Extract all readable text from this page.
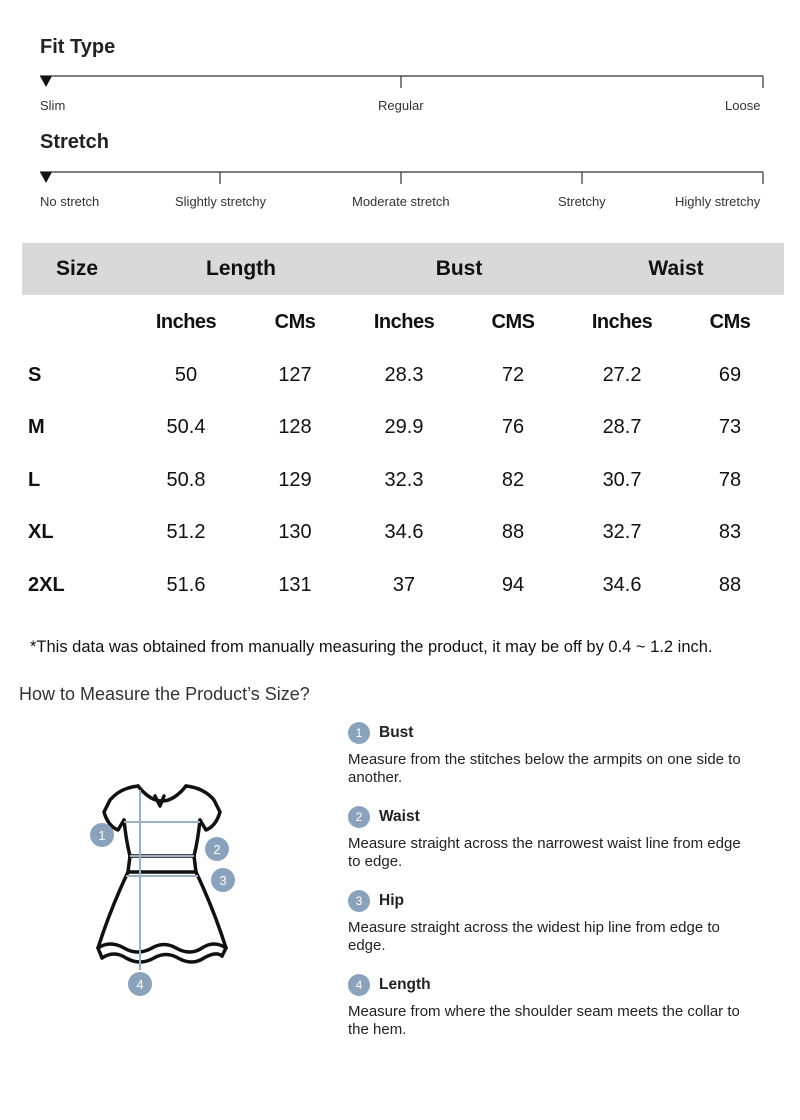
Fit Type
Slim	Regular	Loose
Stretch
No stretch	Slightly stretchy	Moderate stretch	Stretchy	Highly stretchy
Size	Length		Bust		Waist	
	Inches	CMs	Inches	CMS	Inches	CMs
S	50	127	28.3	72	27.2	69
M	50.4	128	29.9	76	28.7	73
L	50.8	129	32.3	82	30.7	78
XL	51.2	130	34.6	88	32.7	83
2XL	51.6	131	37	94	34.6	88
*This data was obtained from manually measuring the product, it may be off by 0.4 ~ 1.2 inch.
How to Measure the Product’s Size?
1
2
3
4
1	Bust
Measure from the stitches below the armpits on one side to another.
2	Waist
Measure straight across the narrowest waist line from edge to edge.
3	Hip
Measure straight across the widest hip line from edge to edge.
4	Length
Measure from where the shoulder seam meets the collar to the hem.
